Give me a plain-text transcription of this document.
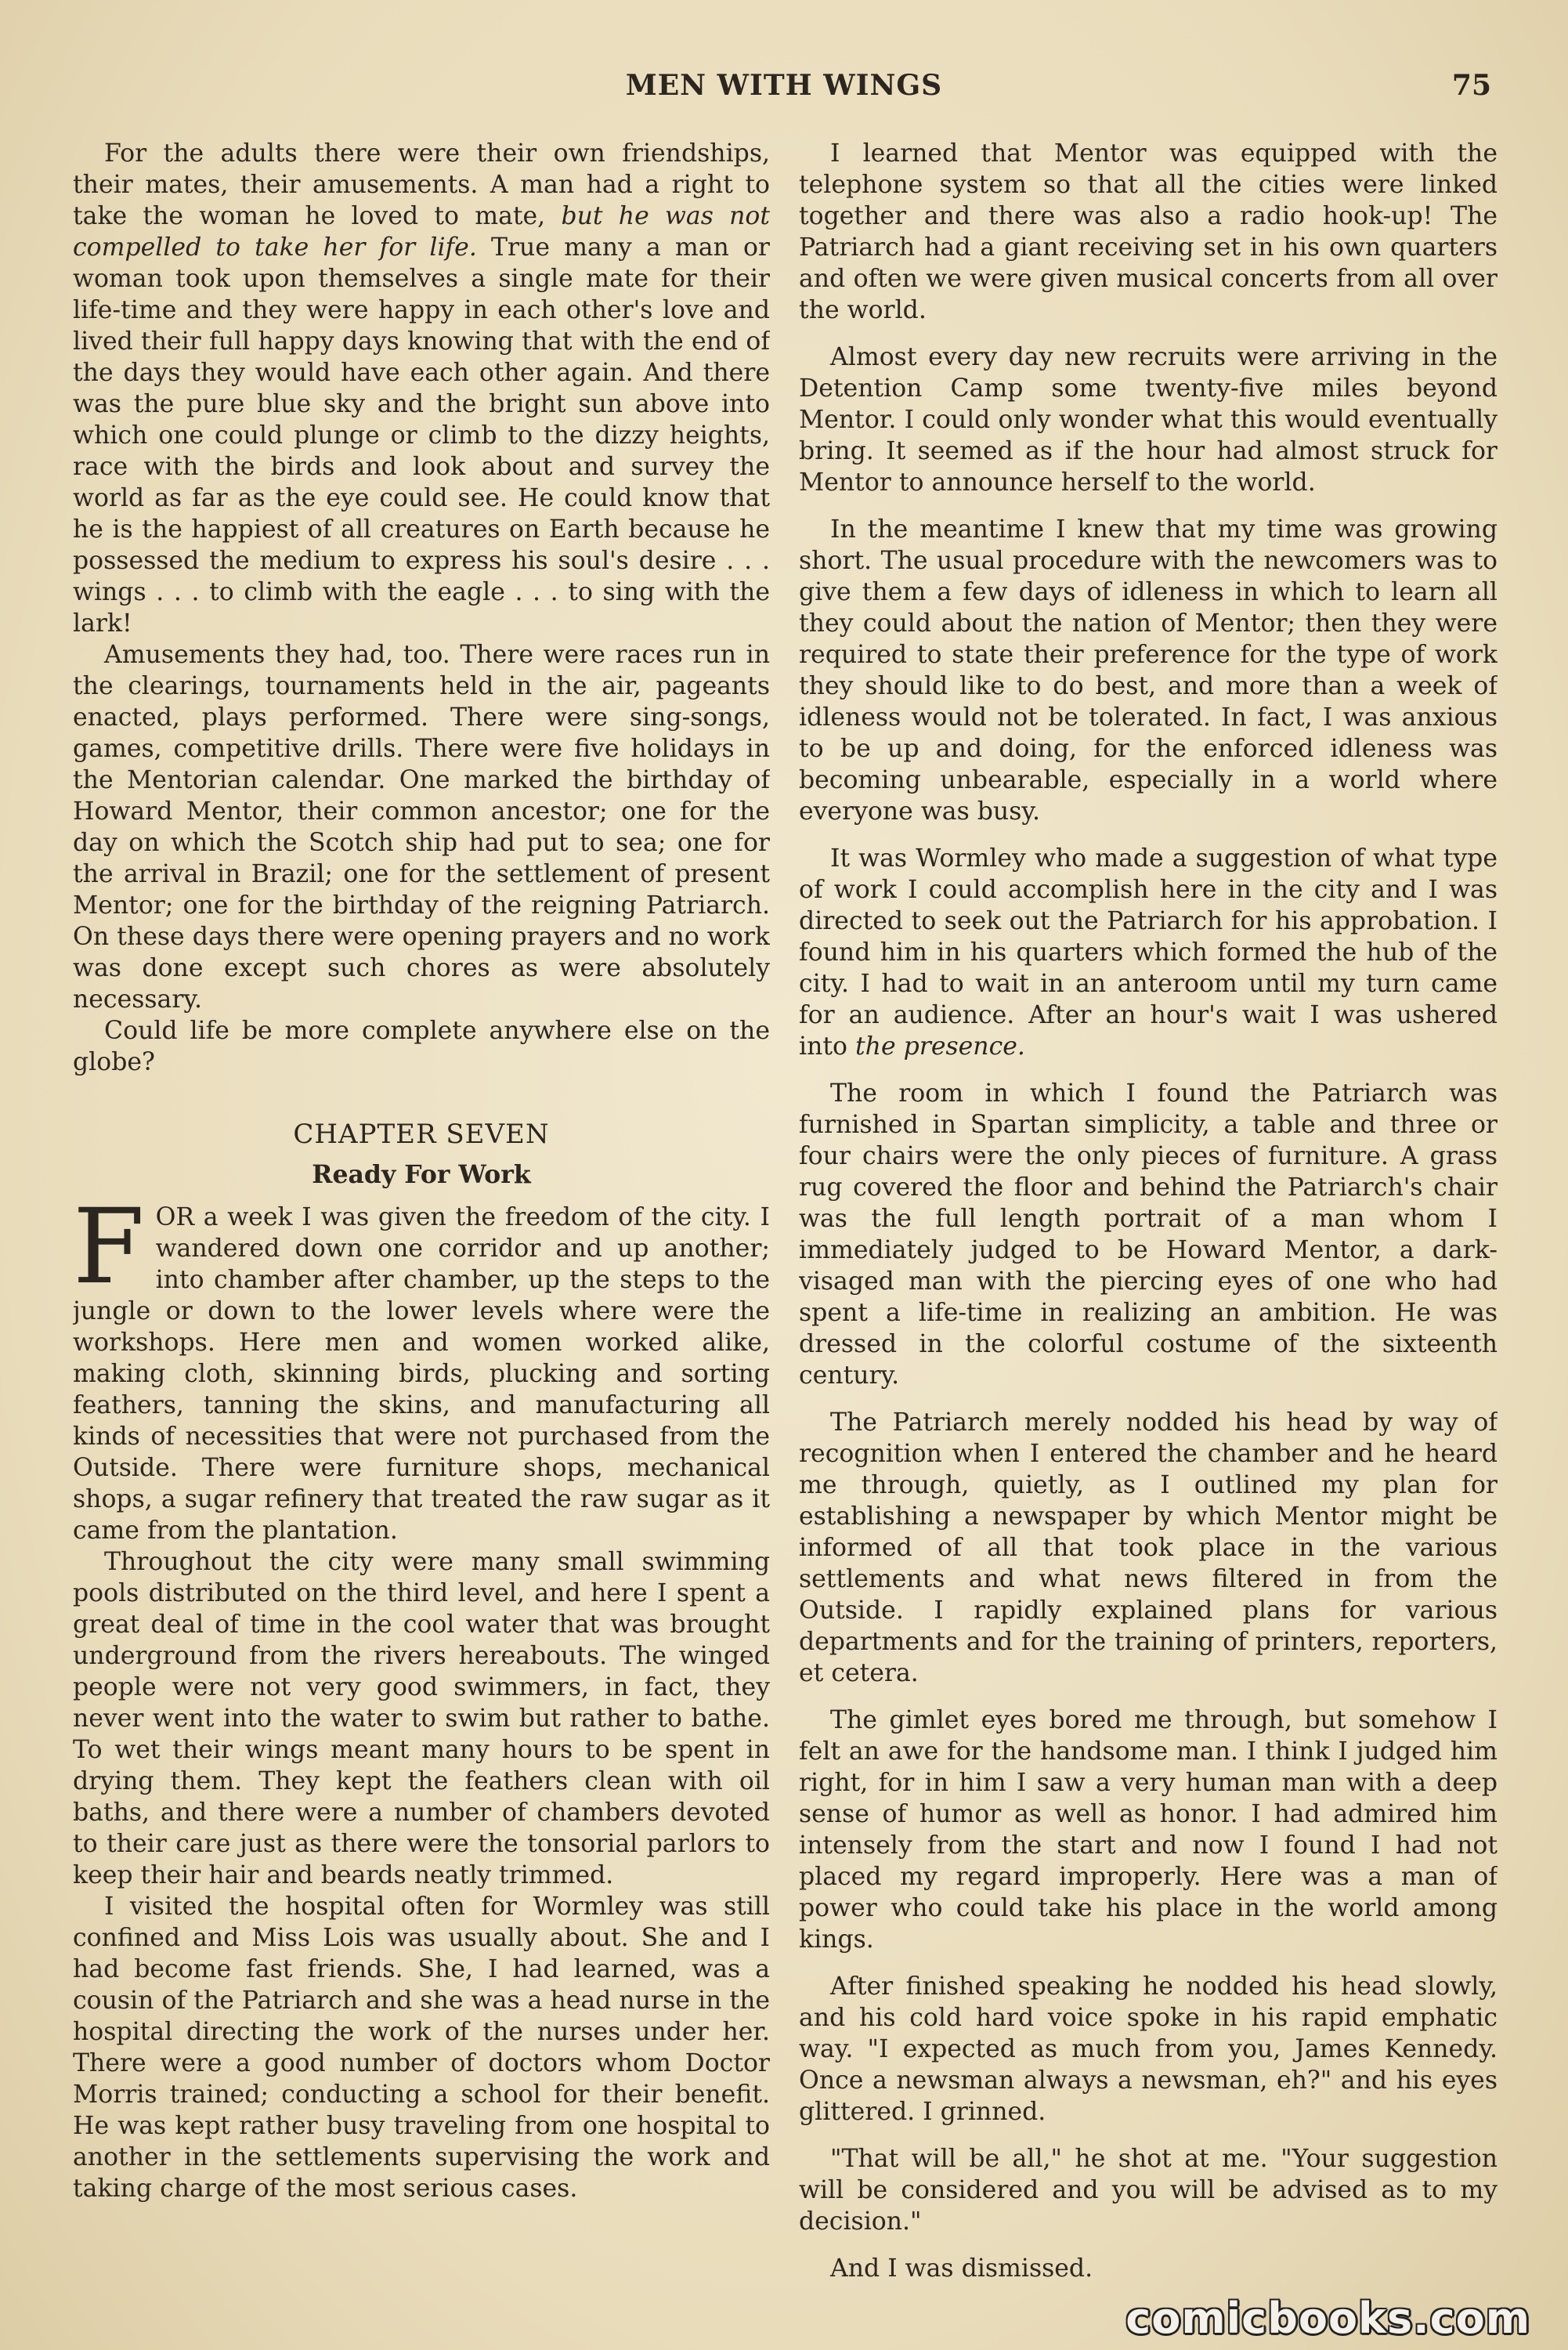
MEN WITH WINGS	75

For the adults there were their own friendships, their mates, their amusements. A man had a right to take the woman he loved to mate, but he was not compelled to take her for life. True many a man or woman took upon themselves a single mate for their life-time and they were happy in each other's love and lived their full happy days knowing that with the end of the days they would have each other again. And there was the pure blue sky and the bright sun above into which one could plunge or climb to the dizzy heights, race with the birds and look about and survey the world as far as the eye could see. He could know that he is the happiest of all creatures on Earth because he possessed the medium to express his soul's desire . . . wings . . . to climb with the eagle . . . to sing with the lark!

Amusements they had, too. There were races run in the clearings, tournaments held in the air, pageants enacted, plays performed. There were sing-songs, games, competitive drills. There were five holidays in the Mentorian calendar. One marked the birthday of Howard Mentor, their common ancestor; one for the day on which the Scotch ship had put to sea; one for the arrival in Brazil; one for the settlement of present Mentor; one for the birthday of the reigning Patriarch. On these days there were opening prayers and no work was done except such chores as were absolutely necessary.

Could life be more complete anywhere else on the globe?

CHAPTER SEVEN
Ready For Work

FOR a week I was given the freedom of the city. I wandered down one corridor and up another; into chamber after chamber, up the steps to the jungle or down to the lower levels where were the workshops. Here men and women worked alike, making cloth, skinning birds, plucking and sorting feathers, tanning the skins, and manufacturing all kinds of necessities that were not purchased from the Outside. There were furniture shops, mechanical shops, a sugar refinery that treated the raw sugar as it came from the plantation.

Throughout the city were many small swimming pools distributed on the third level, and here I spent a great deal of time in the cool water that was brought underground from the rivers hereabouts. The winged people were not very good swimmers, in fact, they never went into the water to swim but rather to bathe. To wet their wings meant many hours to be spent in drying them. They kept the feathers clean with oil baths, and there were a number of chambers devoted to their care just as there were the tonsorial parlors to keep their hair and beards neatly trimmed.

I visited the hospital often for Wormley was still confined and Miss Lois was usually about. She and I had become fast friends. She, I had learned, was a cousin of the Patriarch and she was a head nurse in the hospital directing the work of the nurses under her. There were a good number of doctors whom Doctor Morris trained; conducting a school for their benefit. He was kept rather busy traveling from one hospital to another in the settlements supervising the work and taking charge of the most serious cases.

I learned that Mentor was equipped with the telephone system so that all the cities were linked together and there was also a radio hook-up! The Patriarch had a giant receiving set in his own quarters and often we were given musical concerts from all over the world.

Almost every day new recruits were arriving in the Detention Camp some twenty-five miles beyond Mentor. I could only wonder what this would eventually bring. It seemed as if the hour had almost struck for Mentor to announce herself to the world.

In the meantime I knew that my time was growing short. The usual procedure with the newcomers was to give them a few days of idleness in which to learn all they could about the nation of Mentor; then they were required to state their preference for the type of work they should like to do best, and more than a week of idleness would not be tolerated. In fact, I was anxious to be up and doing, for the enforced idleness was becoming unbearable, especially in a world where everyone was busy.

It was Wormley who made a suggestion of what type of work I could accomplish here in the city and I was directed to seek out the Patriarch for his approbation. I found him in his quarters which formed the hub of the city. I had to wait in an anteroom until my turn came for an audience. After an hour's wait I was ushered into the presence.

The room in which I found the Patriarch was furnished in Spartan simplicity, a table and three or four chairs were the only pieces of furniture. A grass rug covered the floor and behind the Patriarch's chair was the full length portrait of a man whom I immediately judged to be Howard Mentor, a dark-visaged man with the piercing eyes of one who had spent a life-time in realizing an ambition. He was dressed in the colorful costume of the sixteenth century.

The Patriarch merely nodded his head by way of recognition when I entered the chamber and he heard me through, quietly, as I outlined my plan for establishing a newspaper by which Mentor might be informed of all that took place in the various settlements and what news filtered in from the Outside. I rapidly explained plans for various departments and for the training of printers, reporters, et cetera.

The gimlet eyes bored me through, but somehow I felt an awe for the handsome man. I think I judged him right, for in him I saw a very human man with a deep sense of humor as well as honor. I had admired him intensely from the start and now I found I had not placed my regard improperly. Here was a man of power who could take his place in the world among kings.

After finished speaking he nodded his head slowly, and his cold hard voice spoke in his rapid emphatic way. "I expected as much from you, James Kennedy. Once a newsman always a newsman, eh?" and his eyes glittered. I grinned.

"That will be all," he shot at me. "Your suggestion will be considered and you will be advised as to my decision."

And I was dismissed.

comicbooks.com
